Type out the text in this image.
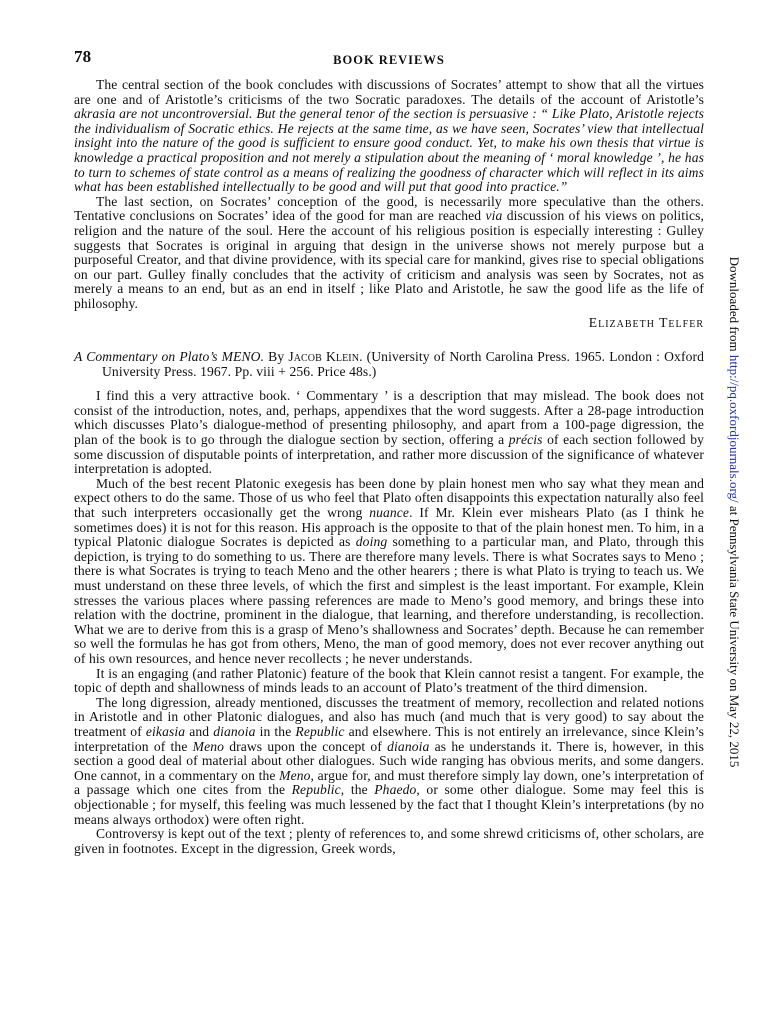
78	BOOK REVIEWS

The central section of the book concludes with discussions of Socrates’ attempt to show that all the virtues are one and of Aristotle’s criticisms of the two Socratic paradoxes. The details of the account of Aristotle’s akrasia are not uncontroversial. But the general tenor of the section is persuasive : “ Like Plato, Aristotle rejects the individualism of Socratic ethics. He rejects at the same time, as we have seen, Socrates’ view that intellectual insight into the nature of the good is sufficient to ensure good conduct. Yet, to make his own thesis that virtue is knowledge a practical proposition and not merely a stipulation about the meaning of ‘ moral knowledge ’, he has to turn to schemes of state control as a means of realizing the goodness of character which will reflect in its aims what has been established intellectually to be good and will put that good into practice.”

The last section, on Socrates’ conception of the good, is necessarily more speculative than the others. Tentative conclusions on Socrates’ idea of the good for man are reached via discussion of his views on politics, religion and the nature of the soul. Here the account of his religious position is especially interesting : Gulley suggests that Socrates is original in arguing that design in the universe shows not merely purpose but a purposeful Creator, and that divine providence, with its special care for mankind, gives rise to special obligations on our part. Gulley finally concludes that the activity of criticism and analysis was seen by Socrates, not as merely a means to an end, but as an end in itself ; like Plato and Aristotle, he saw the good life as the life of philosophy.

Elizabeth Telfer

A Commentary on Plato’s MENO. By Jacob Klein. (University of North Carolina Press. 1965. London : Oxford University Press. 1967. Pp. viii + 256. Price 48s.)

I find this a very attractive book. ‘ Commentary ’ is a description that may mislead. The book does not consist of the introduction, notes, and, perhaps, appendixes that the word suggests. After a 28-page introduction which discusses Plato’s dialogue-method of presenting philosophy, and apart from a 100-page digression, the plan of the book is to go through the dialogue section by section, offering a précis of each section followed by some discussion of disputable points of interpretation, and rather more discussion of the significance of whatever interpretation is adopted.

Much of the best recent Platonic exegesis has been done by plain honest men who say what they mean and expect others to do the same. Those of us who feel that Plato often disappoints this expectation naturally also feel that such interpreters occasionally get the wrong nuance. If Mr. Klein ever mishears Plato (as I think he sometimes does) it is not for this reason. His approach is the opposite to that of the plain honest men. To him, in a typical Platonic dialogue Socrates is depicted as doing something to a particular man, and Plato, through this depiction, is trying to do something to us. There are therefore many levels. There is what Socrates says to Meno ; there is what Socrates is trying to teach Meno and the other hearers ; there is what Plato is trying to teach us. We must understand on these three levels, of which the first and simplest is the least important. For example, Klein stresses the various places where passing references are made to Meno’s good memory, and brings these into relation with the doctrine, prominent in the dialogue, that learning, and therefore understanding, is recollection. What we are to derive from this is a grasp of Meno’s shallowness and Socrates’ depth. Because he can remember so well the formulas he has got from others, Meno, the man of good memory, does not ever recover anything out of his own resources, and hence never recollects ; he never understands.

It is an engaging (and rather Platonic) feature of the book that Klein cannot resist a tangent. For example, the topic of depth and shallowness of minds leads to an account of Plato’s treatment of the third dimension.

The long digression, already mentioned, discusses the treatment of memory, recollection and related notions in Aristotle and in other Platonic dialogues, and also has much (and much that is very good) to say about the treatment of eikasia and dianoia in the Republic and elsewhere. This is not entirely an irrelevance, since Klein’s interpretation of the Meno draws upon the concept of dianoia as he understands it. There is, however, in this section a good deal of material about other dialogues. Such wide ranging has obvious merits, and some dangers. One cannot, in a commentary on the Meno, argue for, and must therefore simply lay down, one’s interpretation of a passage which one cites from the Republic, the Phaedo, or some other dialogue. Some may feel this is objectionable ; for myself, this feeling was much lessened by the fact that I thought Klein’s interpretations (by no means always orthodox) were often right.

Controversy is kept out of the text ; plenty of references to, and some shrewd criticisms of, other scholars, are given in footnotes. Except in the digression, Greek words,

Downloaded from http://pq.oxfordjournals.org/ at Pennsylvania State University on May 22, 2015
